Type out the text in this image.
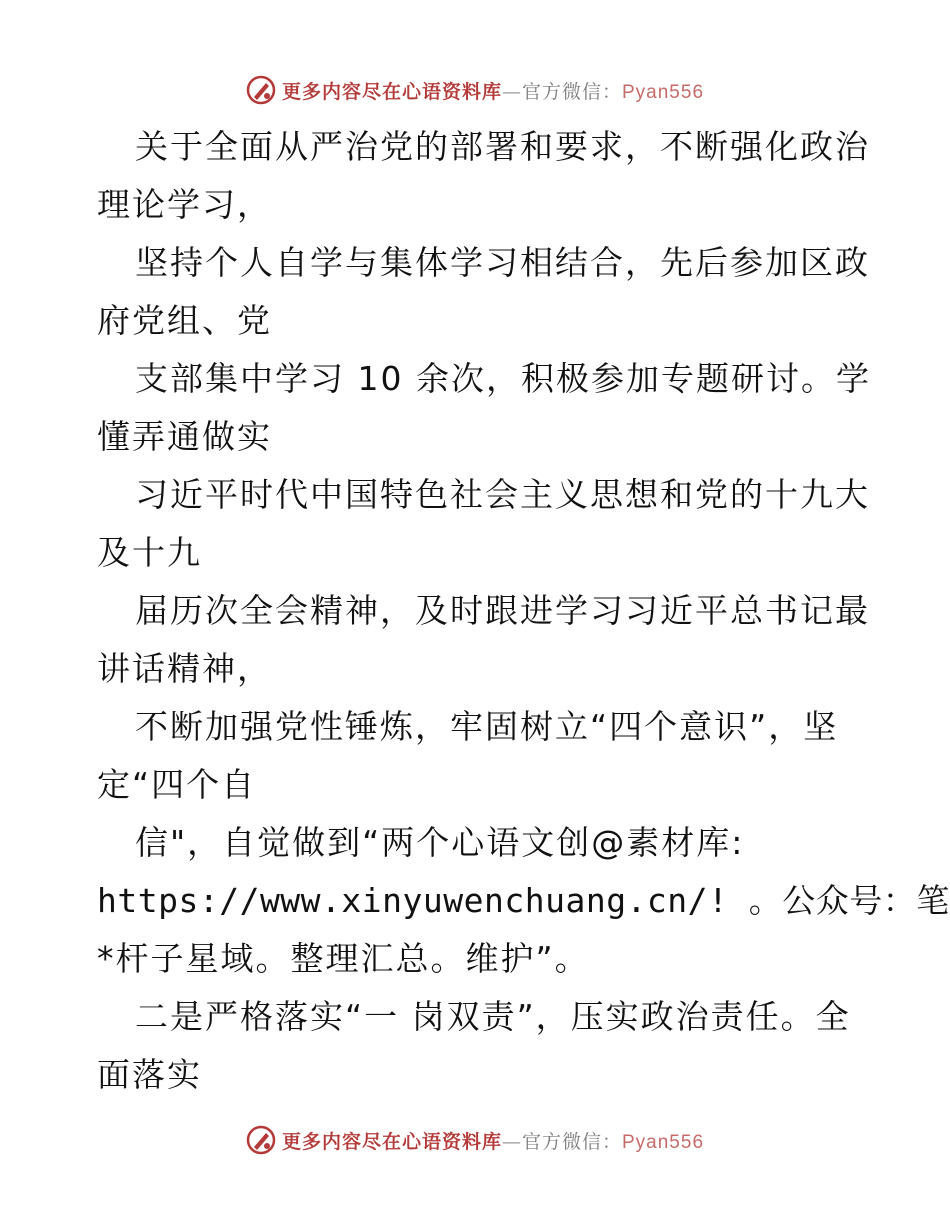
更多内容尽在心语资料库—官方微信：Pyan556
关于全面从严治党的部署和要求，不断强化政治
理论学习，
坚持个人自学与集体学习相结合，先后参加区政
府党组、党
支部集中学习 10 余次，积极参加专题研讨。学
懂弄通做实
习近平时代中国特色社会主义思想和党的十九大
及十九
届历次全会精神，及时跟进学习习近平总书记最
讲话精神，
不断加强党性锤炼，牢固树立“四个意识”，坚
定“四个自
信"，自觉做到“两个心语文创@素材库:
https://www.xinyuwenchuang.cn/! 。公众号：笔
*杆子星域。整理汇总。维护”。
二是严格落实“一 岗双责”，压实政治责任。全
面落实
更多内容尽在心语资料库—官方微信：Pyan556
